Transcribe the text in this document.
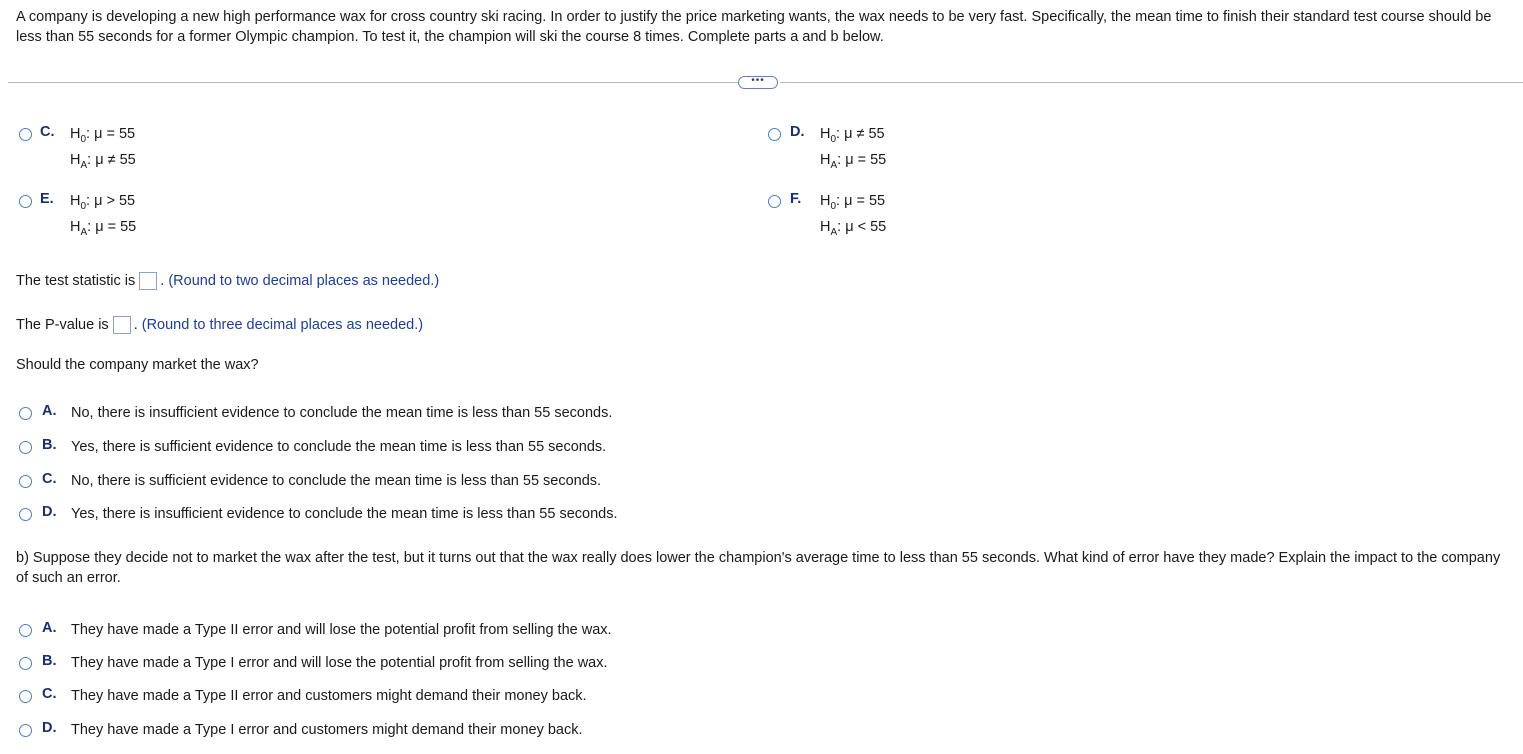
A company is developing a new high performance wax for cross country ski racing. In order to justify the price marketing wants, the wax needs to be very fast. Specifically, the mean time to finish their standard test course should be less than 55 seconds for a former Olympic champion. To test it, the champion will ski the course 8 times. Complete parts a and b below.
•••
C. $H_0$: μ = 55
$H_A$: μ ≠ 55
D. $H_0$: μ ≠ 55
$H_A$: μ = 55
E. $H_0$: μ > 55
$H_A$: μ = 55
F. $H_0$: μ = 55
$H_A$: μ < 55
The test statistic is . (Round to two decimal places as needed.)
The P-value is . (Round to three decimal places as needed.)
Should the company market the wax?
A. No, there is insufficient evidence to conclude the mean time is less than 55 seconds.
B. Yes, there is sufficient evidence to conclude the mean time is less than 55 seconds.
C. No, there is sufficient evidence to conclude the mean time is less than 55 seconds.
D. Yes, there is insufficient evidence to conclude the mean time is less than 55 seconds.
b) Suppose they decide not to market the wax after the test, but it turns out that the wax really does lower the champion's average time to less than 55 seconds. What kind of error have they made? Explain the impact to the company of such an error.
A. They have made a Type II error and will lose the potential profit from selling the wax.
B. They have made a Type I error and will lose the potential profit from selling the wax.
C. They have made a Type II error and customers might demand their money back.
D. They have made a Type I error and customers might demand their money back.
